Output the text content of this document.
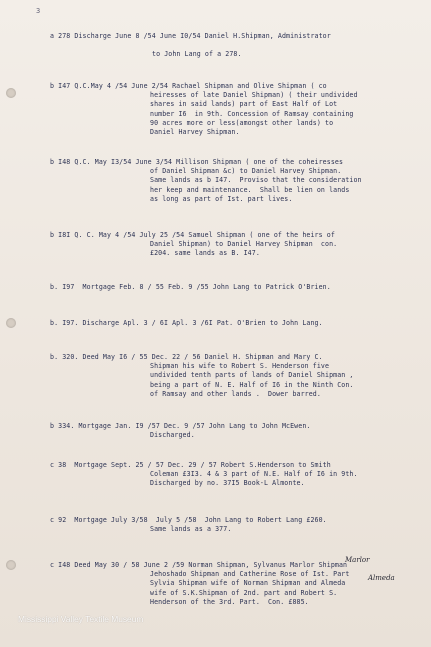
3
a 278 Discharge June 8 /54 June I0/54 Daniel H.Shipman, Administrator
to John Lang of a 278.
b I47 Q.C.May 4 /54 June 2/54 Rachael Shipman and Olive Shipman ( co
heiresses of late Daniel Shipman) ( their undivided
shares in said lands) part of East Half of Lot
number I6  in 9th. Concession of Ramsay containing
90 acres more or less(amongst other lands) to
Daniel Harvey Shipman.
b I48 Q.C. May I3/54 June 3/54 Millison Shipman ( one of the coheiresses
of Daniel Shipman &c) to Daniel Harvey Shipman.
Same lands as b I47.  Proviso that the consideration
her keep and maintenance.  Shall be lien on lands
as long as part of Ist. part lives.
b I8I Q. C. May 4 /54 July 25 /54 Samuel Shipman ( one of the heirs of
Daniel Shipman) to Daniel Harvey Shipman  con.
£204. same lands as B. I47.
b. I97  Mortgage Feb. 8 / 55 Feb. 9 /55 John Lang to Patrick O'Brien.
b. I97. Discharge Apl. 3 / 6I Apl. 3 /6I Pat. O'Brien to John Lang.
b. 320. Deed May I6 / 55 Dec. 22 / 56 Daniel H. Shipman and Mary C.
Shipman his wife to Robert S. Henderson five
undivided tenth parts of lands of Daniel Shipman ,
being a part of N. E. Half of I6 in the Ninth Con.
of Ramsay and other lands .  Dower barred.
b 334. Mortgage Jan. I9 /57 Dec. 9 /57 John Lang to John McEwen.
Discharged.
c 38  Mortgage Sept. 25 / 57 Dec. 29 / 57 Robert S.Henderson to Smith
Coleman £3I3. 4 & 3 part of N.E. Half of I6 in 9th.
Discharged by no. 37I5 Book-L Almonte.
c 92  Mortgage July 3/58  July 5 /58  John Lang to Robert Lang £260.
Same lands as a 377.
c I48 Deed May 30 / 58 June 2 /59 Norman Shipman, Sylvanus Marlor Shipman
Jehoshado Shipman and Catherine Rose of Ist. Part
Sylvia Shipman wife of Norman Shipman and Almeda
wife of S.K.Shipman of 2nd. part and Robert S.
Henderson of the 3rd. Part.  Con. £885.
Marlor
Almeda
Mississippi Valley Textile Museum
